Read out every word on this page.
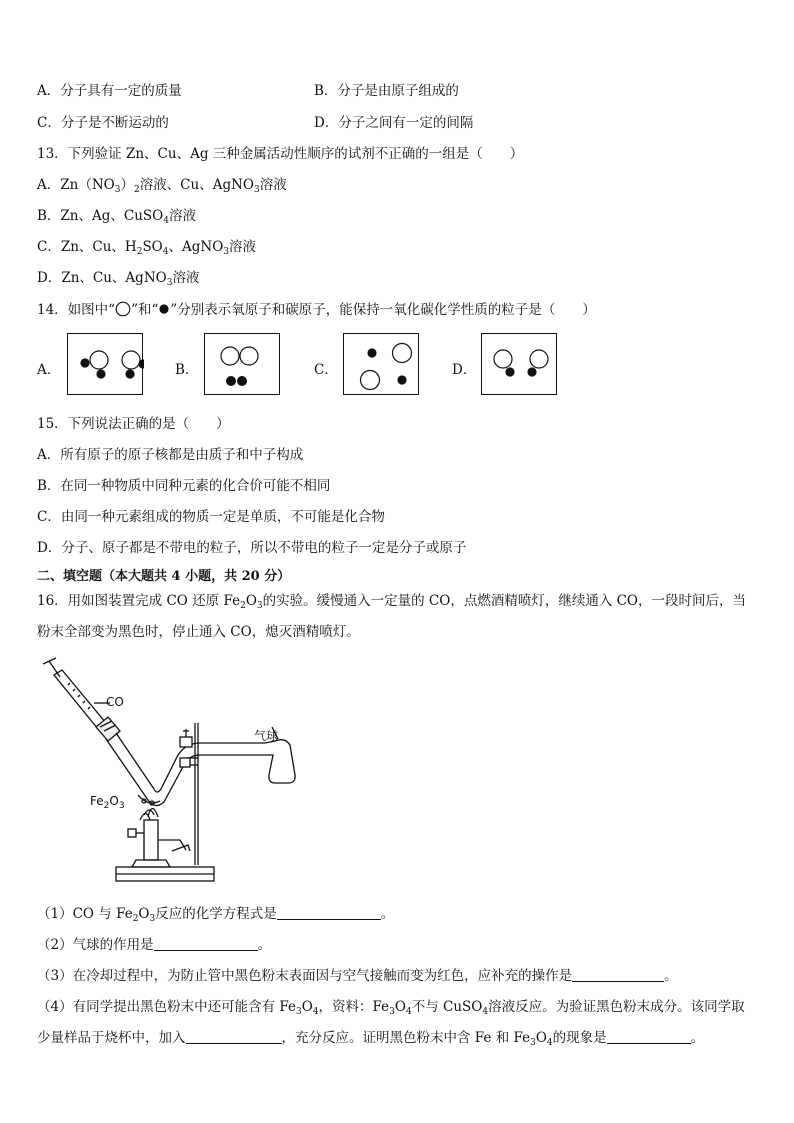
A．分子具有一定的质量	B．分子是由原子组成的
C．分子是不断运动的	D．分子之间有一定的间隔
13．下列验证 Zn、Cu、Ag 三种金属活动性顺序的试剂不正确的一组是（　　）
A．$Zn(NO_3)_2$溶液、Cu、AgNO$_3$溶液
B．Zn、Ag、CuSO$_4$溶液
C．Zn、Cu、$H_2SO_4$、AgNO$_3$溶液
D．Zn、Cu、AgNO$_3$溶液
14．如图中“ ”和“ ”分别表示氧原子和碳原子，能保持一氧化碳化学性质的粒子是（　　）
A．	B．	C．	D．
15．下列说法正确的是（　　）
A．所有原子的原子核都是由质子和中子构成
B．在同一种物质中同种元素的化合价可能不相同
C．由同一种元素组成的物质一定是单质，不可能是化合物
D．分子、原子都是不带电的粒子，所以不带电的粒子一定是分子或原子
二、填空题（本大题共 4 小题，共 20 分）
16．用如图装置完成 CO 还原 $Fe_2O_3$的实验。缓慢通入一定量的 CO，点燃酒精喷灯，继续通入 CO，一段时间后，当
粉末全部变为黑色时，停止通入 CO，熄灭酒精喷灯。
CO
气球
$Fe_2O_3$
（1）CO 与 $Fe_2O_3$反应的化学方程式是	。
（2）气球的作用是	。
（3）在冷却过程中，为防止管中黑色粉末表面因与空气接触而变为红色，应补充的操作是	。
（4）有同学提出黑色粉末中还可能含有 $Fe_3O_4$，资料：$Fe_3O_4$不与 CuSO$_4$溶液反应。为验证黑色粉末成分。该同学取
少量样品于烧杯中，加入	，充分反应。证明黑色粉末中含 Fe 和 $Fe_3O_4$的现象是	。
